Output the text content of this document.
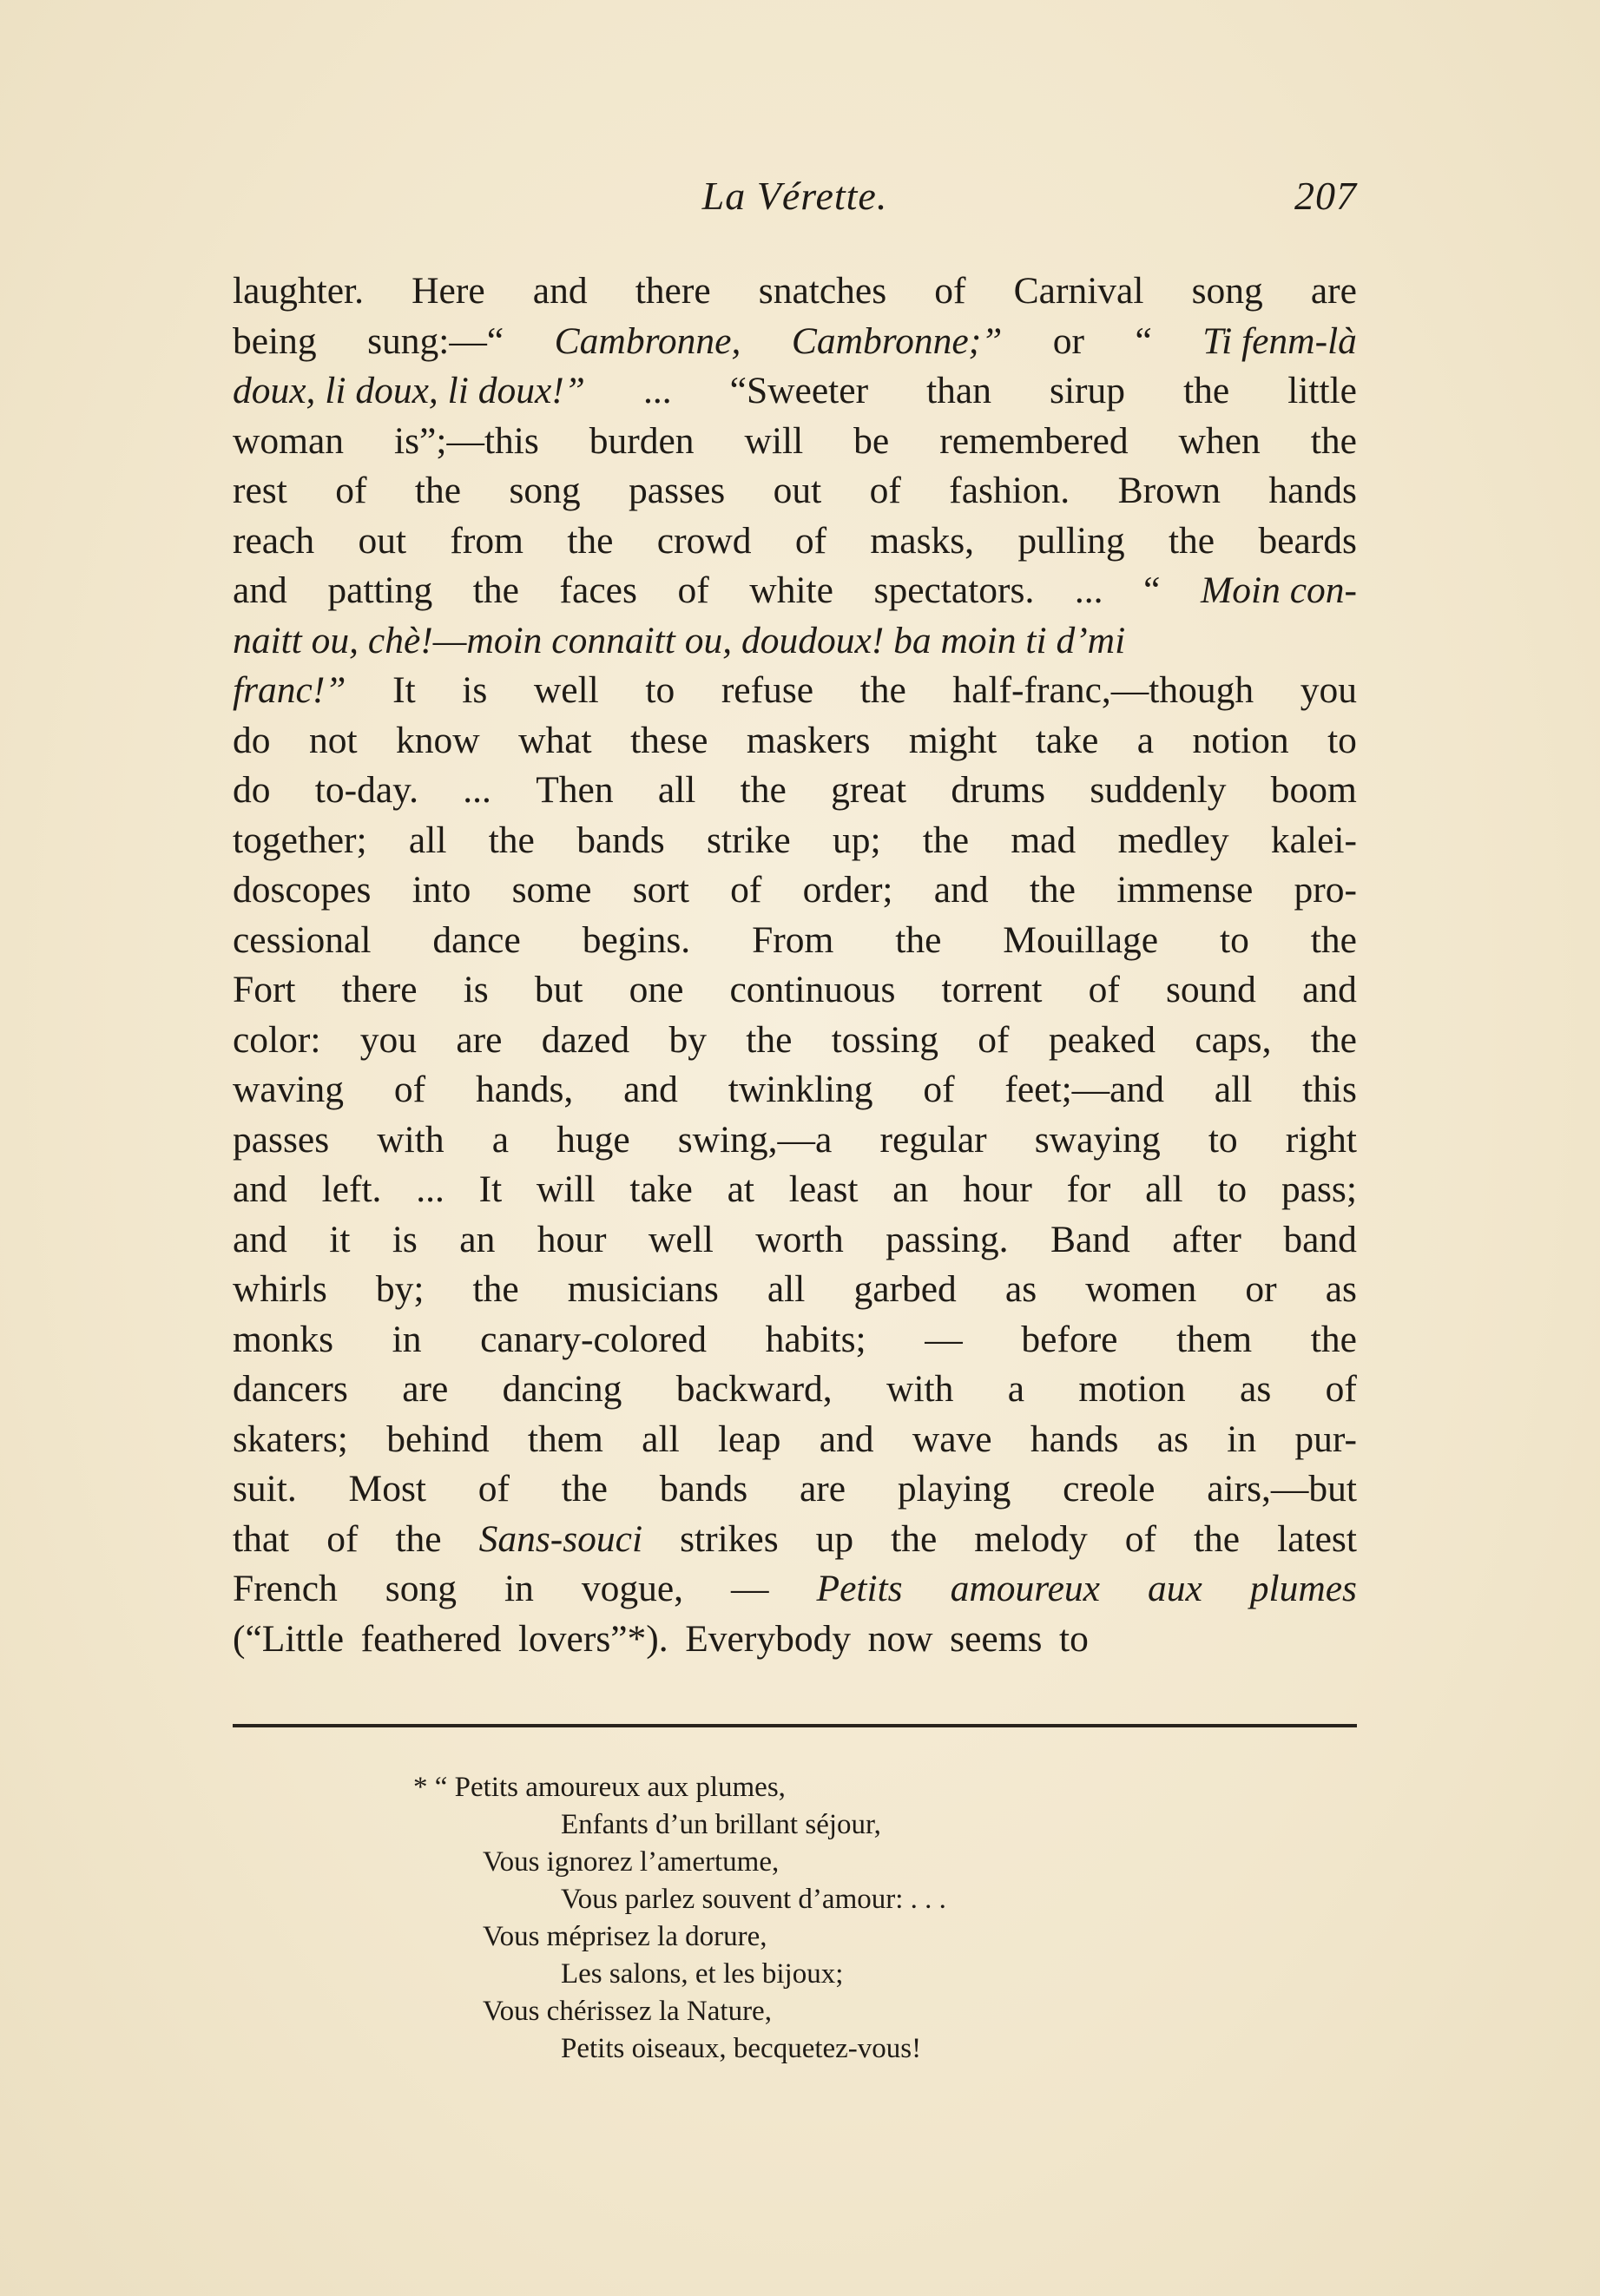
La Vérette.	207
laughter. Here and there snatches of Carnival song are
being sung:—“ Cambronne, Cambronne;” or “ Ti fenm-là
doux, li doux, li doux!” ... “Sweeter than sirup the little
woman is”;—this burden will be remembered when the
rest of the song passes out of fashion. Brown hands
reach out from the crowd of masks, pulling the beards
and patting the faces of white spectators. ... “ Moin con-
naitt ou, chè!—moin connaitt ou, doudoux! ba moin ti d’mi
franc!” It is well to refuse the half-franc,—though you
do not know what these maskers might take a notion to
do to-day. ... Then all the great drums suddenly boom
together; all the bands strike up; the mad medley kalei-
doscopes into some sort of order; and the immense pro-
cessional dance begins. From the Mouillage to the
Fort there is but one continuous torrent of sound and
color: you are dazed by the tossing of peaked caps, the
waving of hands, and twinkling of feet;—and all this
passes with a huge swing,—a regular swaying to right
and left. ... It will take at least an hour for all to pass;
and it is an hour well worth passing. Band after band
whirls by; the musicians all garbed as women or as
monks in canary-colored habits; — before them the
dancers are dancing backward, with a motion as of
skaters; behind them all leap and wave hands as in pur-
suit. Most of the bands are playing creole airs,—but
that of the Sans-souci strikes up the melody of the latest
French song in vogue, — Petits amoureux aux plumes
(“Little feathered lovers”*). Everybody now seems to
* “ Petits amoureux aux plumes,
Enfants d’un brillant séjour,
Vous ignorez l’amertume,
Vous parlez souvent d’amour: . . .
Vous méprisez la dorure,
Les salons, et les bijoux;
Vous chérissez la Nature,
Petits oiseaux, becquetez-vous!
